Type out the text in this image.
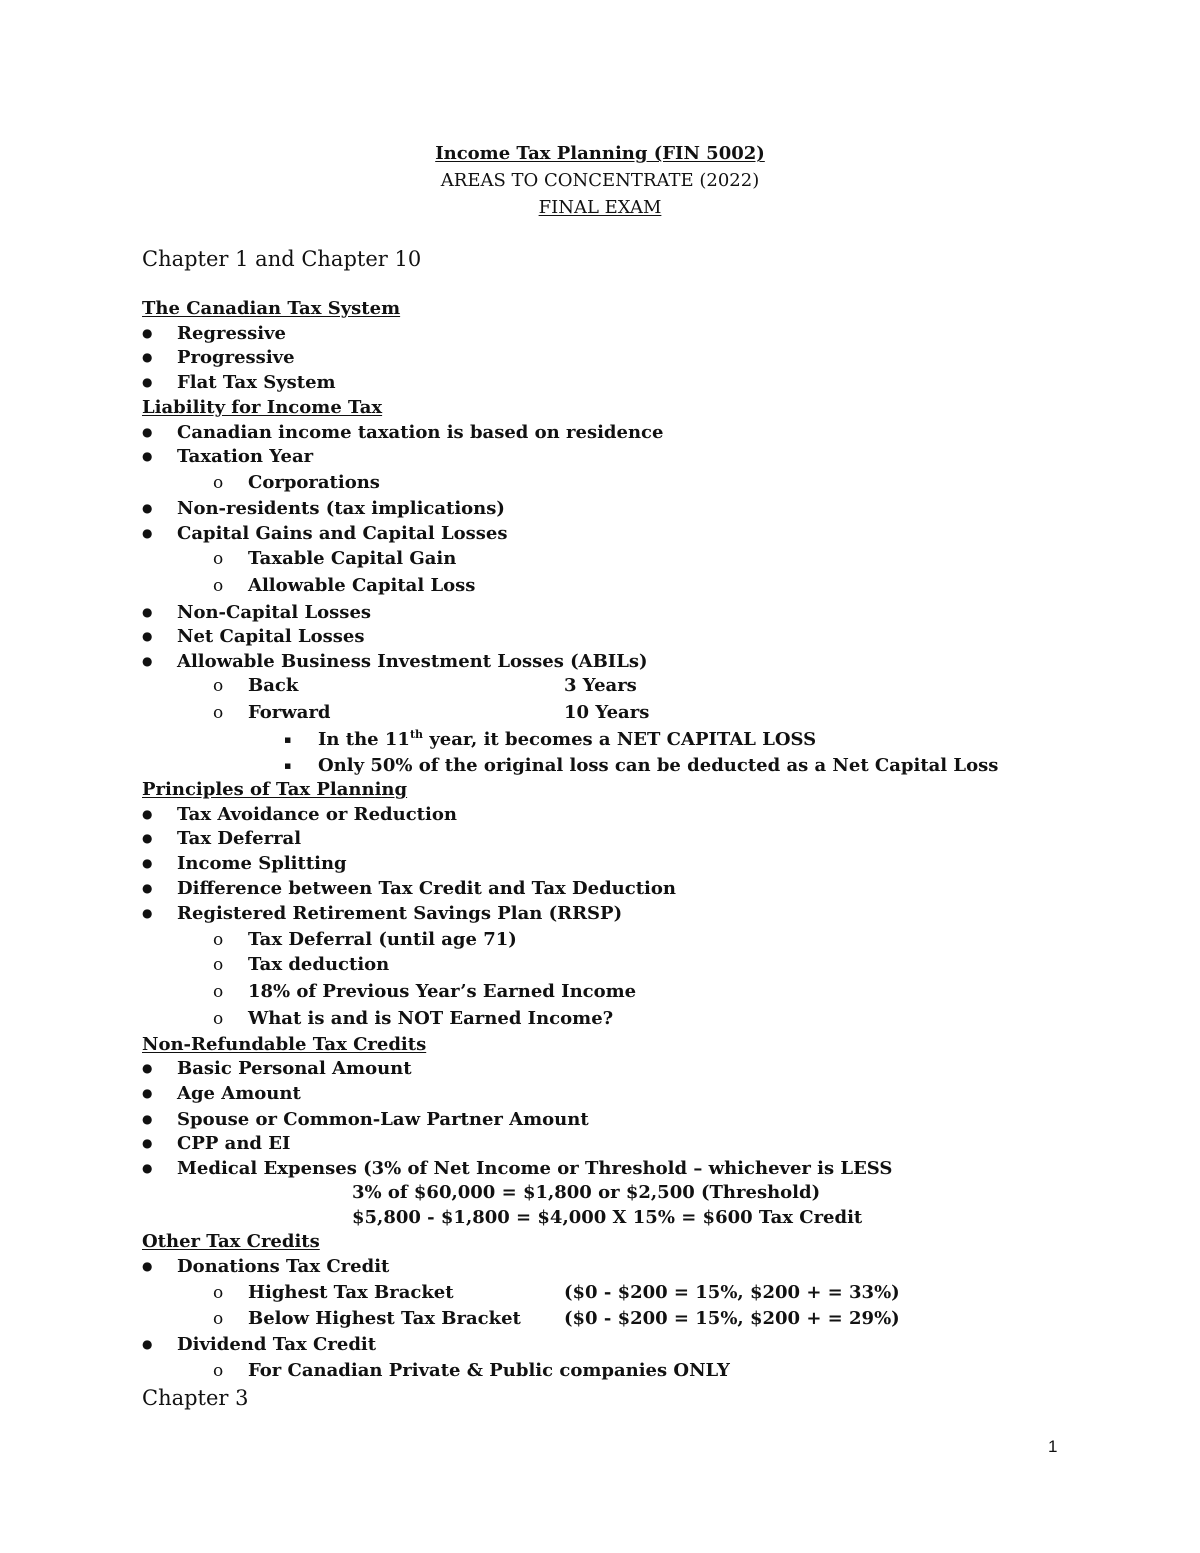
Income Tax Planning (FIN 5002)
AREAS TO CONCENTRATE (2022)
FINAL EXAM
Chapter 1 and Chapter 10
The Canadian Tax System
● Regressive
● Progressive
● Flat Tax System
Liability for Income Tax
● Canadian income taxation is based on residence
● Taxation Year
o Corporations
● Non-residents (tax implications)
● Capital Gains and Capital Losses
o Taxable Capital Gain
o Allowable Capital Loss
● Non-Capital Losses
● Net Capital Losses
● Allowable Business Investment Losses (ABILs)
o Back	3 Years
o Forward	10 Years
▪ In the 11th year, it becomes a NET CAPITAL LOSS
▪ Only 50% of the original loss can be deducted as a Net Capital Loss
Principles of Tax Planning
● Tax Avoidance or Reduction
● Tax Deferral
● Income Splitting
● Difference between Tax Credit and Tax Deduction
● Registered Retirement Savings Plan (RRSP)
o Tax Deferral (until age 71)
o Tax deduction
o 18% of Previous Year’s Earned Income
o What is and is NOT Earned Income?
Non-Refundable Tax Credits
● Basic Personal Amount
● Age Amount
● Spouse or Common-Law Partner Amount
● CPP and EI
● Medical Expenses (3% of Net Income or Threshold – whichever is LESS
3% of $60,000 = $1,800 or $2,500 (Threshold)
$5,800 - $1,800 = $4,000 X 15% = $600 Tax Credit
Other Tax Credits
● Donations Tax Credit
o Highest Tax Bracket	($0 - $200 = 15%, $200 + = 33%)
o Below Highest Tax Bracket ($0 - $200 = 15%, $200 + = 29%)
● Dividend Tax Credit
o For Canadian Private & Public companies ONLY
Chapter 3
1
